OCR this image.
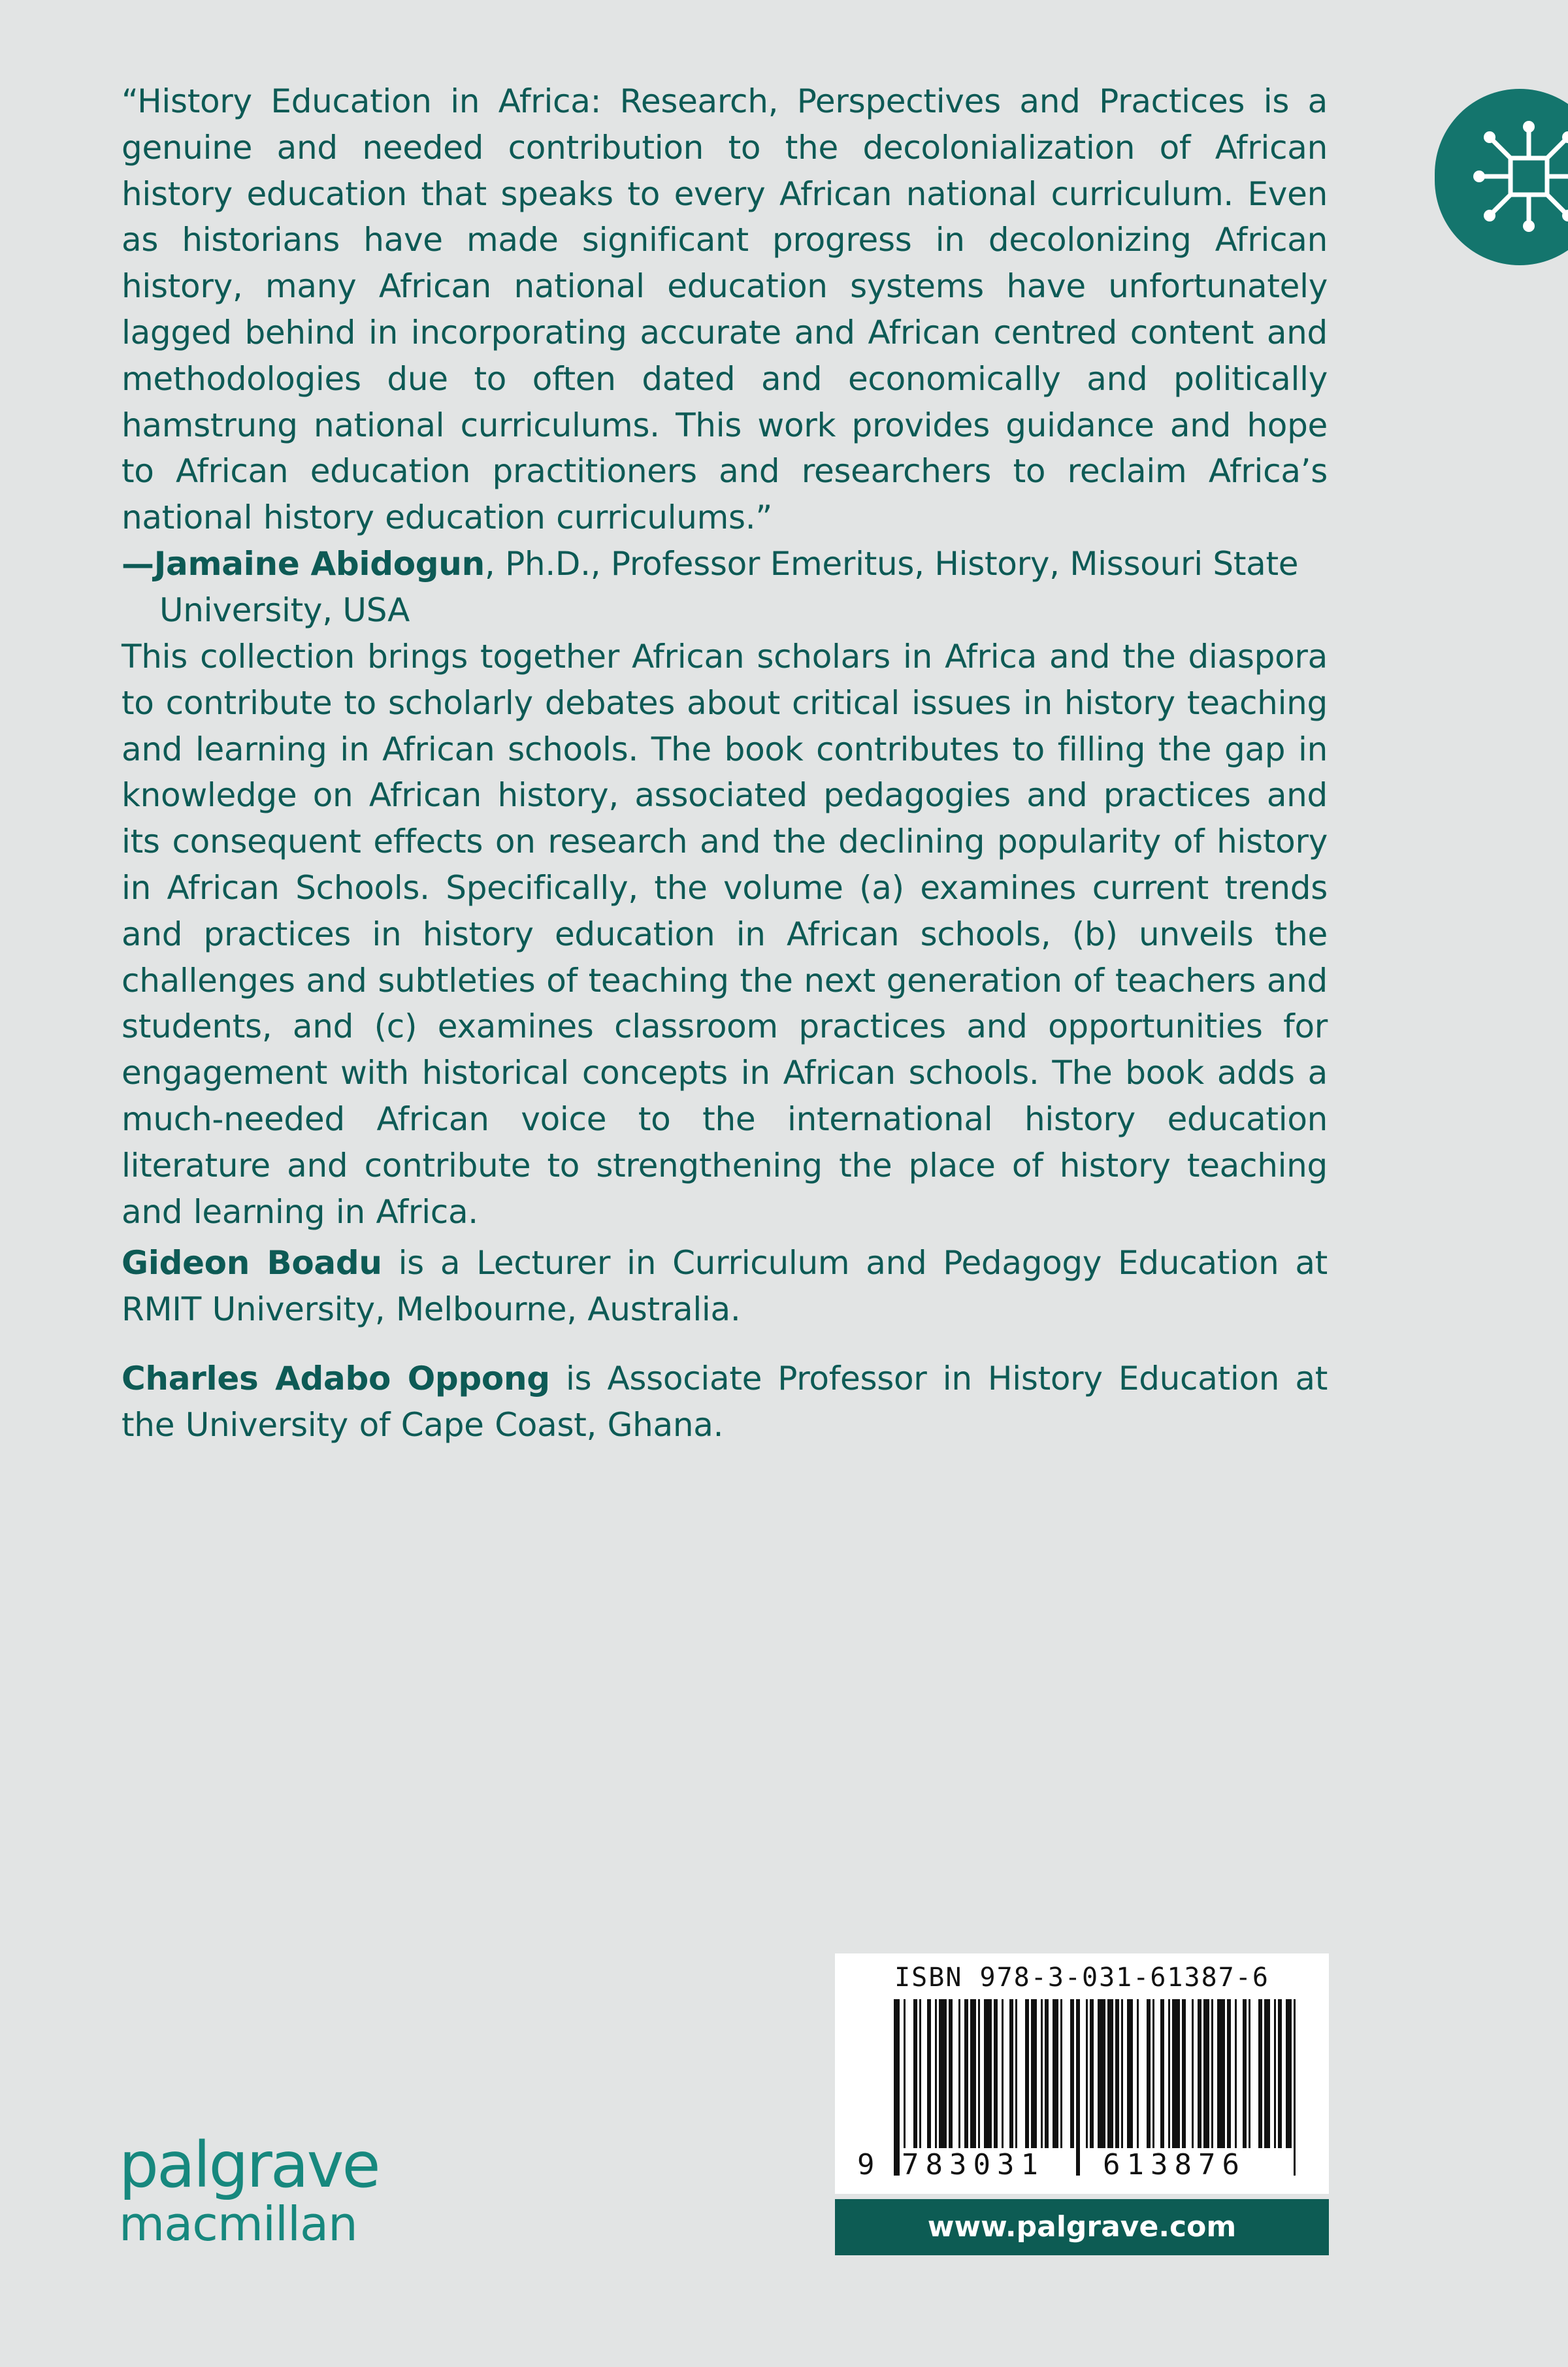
“History Education in Africa: Research, Perspectives and Practices is a genuine and needed contribution to the decolonialization of African history education that speaks to every African national curriculum. Even as historians have made significant progress in decolonizing African history, many African national education systems have unfortunately lagged behind in incorporating accurate and African centred content and methodologies due to often dated and economically and politically hamstrung national curriculums. This work provides guidance and hope to African education practitioners and researchers to reclaim Africa’s national history education curriculums.”

—Jamaine Abidogun, Ph.D., Professor Emeritus, History, Missouri State University, USA

This collection brings together African scholars in Africa and the diaspora to contribute to scholarly debates about critical issues in history teaching and learning in African schools. The book contributes to filling the gap in knowledge on African history, associated pedagogies and practices and its consequent effects on research and the declining popularity of history in African Schools. Specifically, the volume (a) examines current trends and practices in history education in African schools, (b) unveils the challenges and subtleties of teaching the next generation of teachers and students, and (c) examines classroom practices and opportunities for engagement with historical concepts in African schools. The book adds a much-needed African voice to the international history education literature and contribute to strengthening the place of history teaching and learning in Africa.

Gideon Boadu is a Lecturer in Curriculum and Pedagogy Education at RMIT University, Melbourne, Australia.

Charles Adabo Oppong is Associate Professor in History Education at the University of Cape Coast, Ghana.

palgrave
macmillan
ISBN 978-3-031-61387-6
9 783031 613876
www.palgrave.com
